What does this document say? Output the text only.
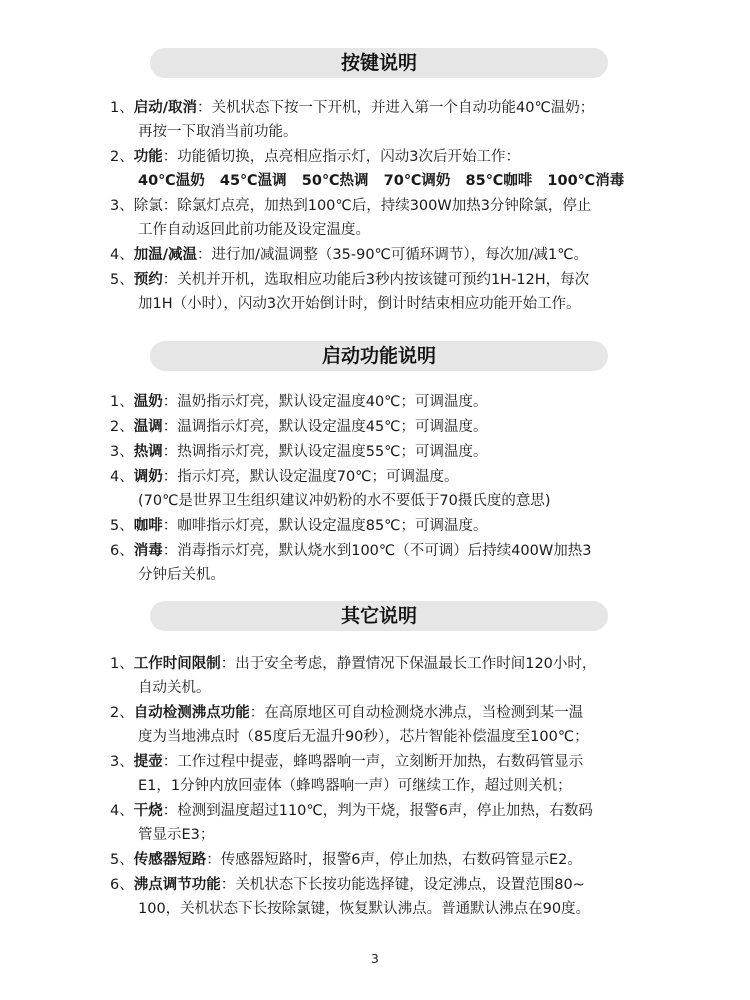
按键说明
1、启动/取消：关机状态下按一下开机，并进入第一个自动功能40℃温奶；
再按一下取消当前功能。
2、功能：功能循切换，点亮相应指示灯，闪动3次后开始工作：
40℃温奶   45℃温调   50℃热调   70℃调奶   85℃咖啡   100℃消毒
3、除氯：除氯灯点亮，加热到100℃后，持续300W加热3分钟除氯，停止
工作自动返回此前功能及设定温度。
4、加温/减温：进行加/减温调整（35-90℃可循环调节），每次加/减1℃。
5、预约：关机并开机，选取相应功能后3秒内按该键可预约1H-12H，每次
加1H（小时），闪动3次开始倒计时，倒计时结束相应功能开始工作。
启动功能说明
1、温奶：温奶指示灯亮，默认设定温度40℃；可调温度。
2、温调：温调指示灯亮，默认设定温度45℃；可调温度。
3、热调：热调指示灯亮，默认设定温度55℃；可调温度。
4、调奶：指示灯亮，默认设定温度70℃；可调温度。
(70℃是世界卫生组织建议冲奶粉的水不要低于70摄氏度的意思)
5、咖啡：咖啡指示灯亮，默认设定温度85℃；可调温度。
6、消毒：消毒指示灯亮，默认烧水到100℃（不可调）后持续400W加热3
分钟后关机。
其它说明
1、工作时间限制：出于安全考虑，静置情况下保温最长工作时间120小时，
自动关机。
2、自动检测沸点功能：在高原地区可自动检测烧水沸点，当检测到某一温
度为当地沸点时（85度后无温升90秒），芯片智能补偿温度至100℃；
3、提壶：工作过程中提壶，蜂鸣器响一声，立刻断开加热，右数码管显示
E1，1分钟内放回壶体（蜂鸣器响一声）可继续工作，超过则关机；
4、干烧：检测到温度超过110℃，判为干烧，报警6声，停止加热，右数码
管显示E3；
5、传感器短路：传感器短路时，报警6声，停止加热，右数码管显示E2。
6、沸点调节功能：关机状态下长按功能选择键，设定沸点，设置范围80~
100，关机状态下长按除氯键，恢复默认沸点。普通默认沸点在90度。
3
